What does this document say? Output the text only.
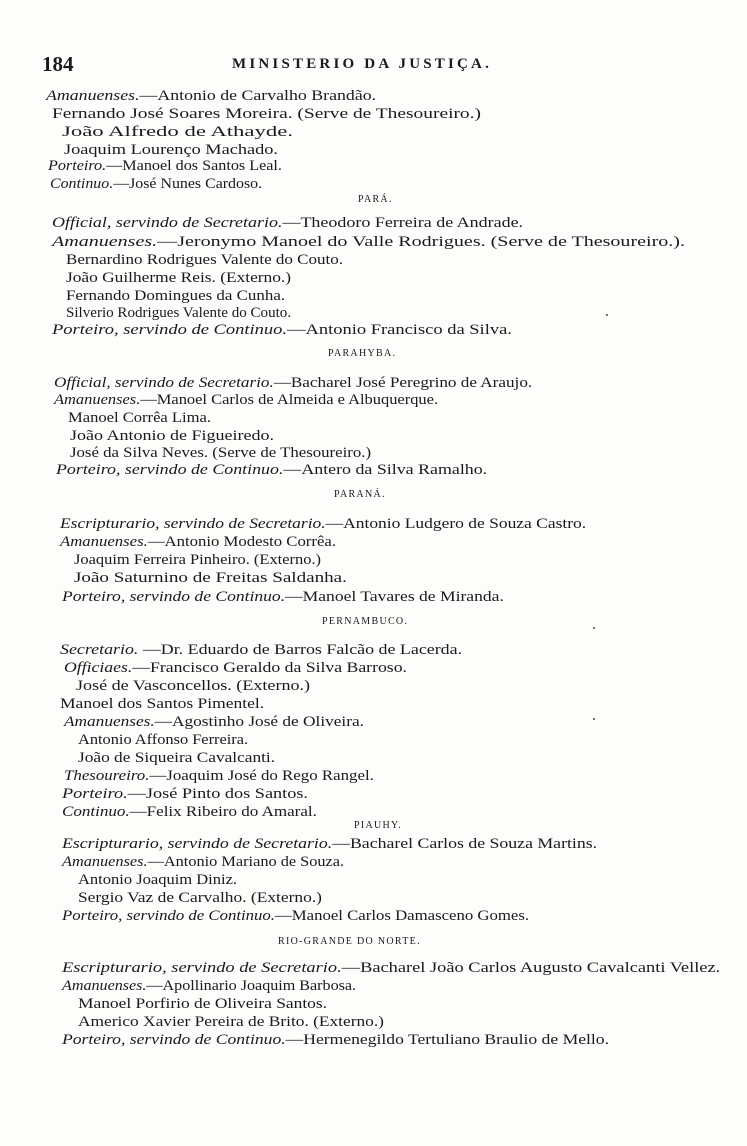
184	MINISTERIO DA JUSTIÇA.
Amanuenses.—Antonio de Carvalho Brandão.
Fernando José Soares Moreira. (Serve de Thesoureiro.)
João Alfredo de Athayde.
Joaquim Lourenço Machado.
Porteiro.—Manoel dos Santos Leal.
Continuo.—José Nunes Cardoso.
PARÁ.
Official, servindo de Secretario.—Theodoro Ferreira de Andrade.
Amanuenses.—Jeronymo Manoel do Valle Rodrigues. (Serve de Thesoureiro.).
Bernardino Rodrigues Valente do Couto.
João Guilherme Reis. (Externo.)
Fernando Domingues da Cunha.
Silverio Rodrigues Valente do Couto.
Porteiro, servindo de Continuo.—Antonio Francisco da Silva.
PARAHYBA.
Official, servindo de Secretario.—Bacharel José Peregrino de Araujo.
Amanuenses.—Manoel Carlos de Almeida e Albuquerque.
Manoel Corrêa Lima.
João Antonio de Figueiredo.
José da Silva Neves. (Serve de Thesoureiro.)
Porteiro, servindo de Continuo.—Antero da Silva Ramalho.
PARANÁ.
Escripturario, servindo de Secretario.—Antonio Ludgero de Souza Castro.
Amanuenses.—Antonio Modesto Corrêa.
Joaquim Ferreira Pinheiro. (Externo.)
João Saturnino de Freitas Saldanha.
Porteiro, servindo de Continuo.—Manoel Tavares de Miranda.
PERNAMBUCO.
Secretario. —Dr. Eduardo de Barros Falcão de Lacerda.
Officiaes.—Francisco Geraldo da Silva Barroso.
José de Vasconcellos. (Externo.)
Manoel dos Santos Pimentel.
Amanuenses.—Agostinho José de Oliveira.
Antonio Affonso Ferreira.
João de Siqueira Cavalcanti.
Thesoureiro.—Joaquim José do Rego Rangel.
Porteiro.—José Pinto dos Santos.
Continuo.—Felix Ribeiro do Amaral.
PIAUHY.
Escripturario, servindo de Secretario.—Bacharel Carlos de Souza Martins.
Amanuenses.—Antonio Mariano de Souza.
Antonio Joaquim Diniz.
Sergio Vaz de Carvalho. (Externo.)
Porteiro, servindo de Continuo.—Manoel Carlos Damasceno Gomes.
RIO-GRANDE DO NORTE.
Escripturario, servindo de Secretario.—Bacharel João Carlos Augusto Cavalcanti Vellez.
Amanuenses.—Apollinario Joaquim Barbosa.
Manoel Porfirio de Oliveira Santos.
Americo Xavier Pereira de Brito. (Externo.)
Porteiro, servindo de Continuo.—Hermenegildo Tertuliano Braulio de Mello.
